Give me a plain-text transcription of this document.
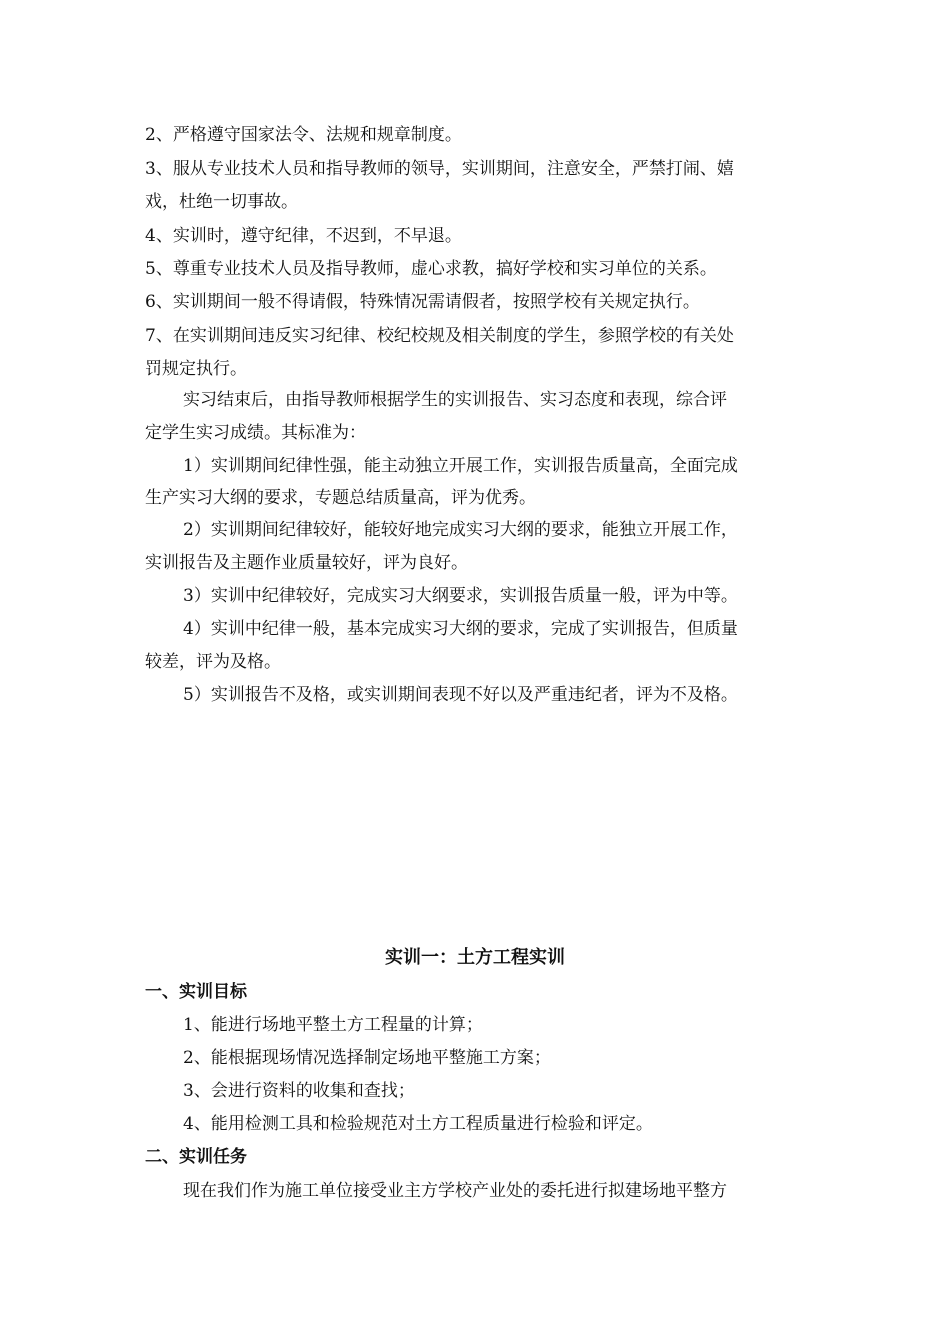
2、严格遵守国家法令、法规和规章制度。
3、服从专业技术人员和指导教师的领导，实训期间，注意安全，严禁打闹、嬉
戏，杜绝一切事故。
4、实训时，遵守纪律，不迟到，不早退。
5、尊重专业技术人员及指导教师，虚心求教，搞好学校和实习单位的关系。
6、实训期间一般不得请假，特殊情况需请假者，按照学校有关规定执行。
7、在实训期间违反实习纪律、校纪校规及相关制度的学生，参照学校的有关处
罚规定执行。
实习结束后，由指导教师根据学生的实训报告、实习态度和表现，综合评
定学生实习成绩。其标准为：
1）实训期间纪律性强，能主动独立开展工作，实训报告质量高，全面完成
生产实习大纲的要求，专题总结质量高，评为优秀。
2）实训期间纪律较好，能较好地完成实习大纲的要求，能独立开展工作，
实训报告及主题作业质量较好，评为良好。
3）实训中纪律较好，完成实习大纲要求，实训报告质量一般，评为中等。
4）实训中纪律一般，基本完成实习大纲的要求，完成了实训报告，但质量
较差，评为及格。
5）实训报告不及格，或实训期间表现不好以及严重违纪者，评为不及格。
实训一：土方工程实训
一、实训目标
1、能进行场地平整土方工程量的计算；
2、能根据现场情况选择制定场地平整施工方案；
3、会进行资料的收集和查找；
4、能用检测工具和检验规范对土方工程质量进行检验和评定。
二、实训任务
现在我们作为施工单位接受业主方学校产业处的委托进行拟建场地平整方
